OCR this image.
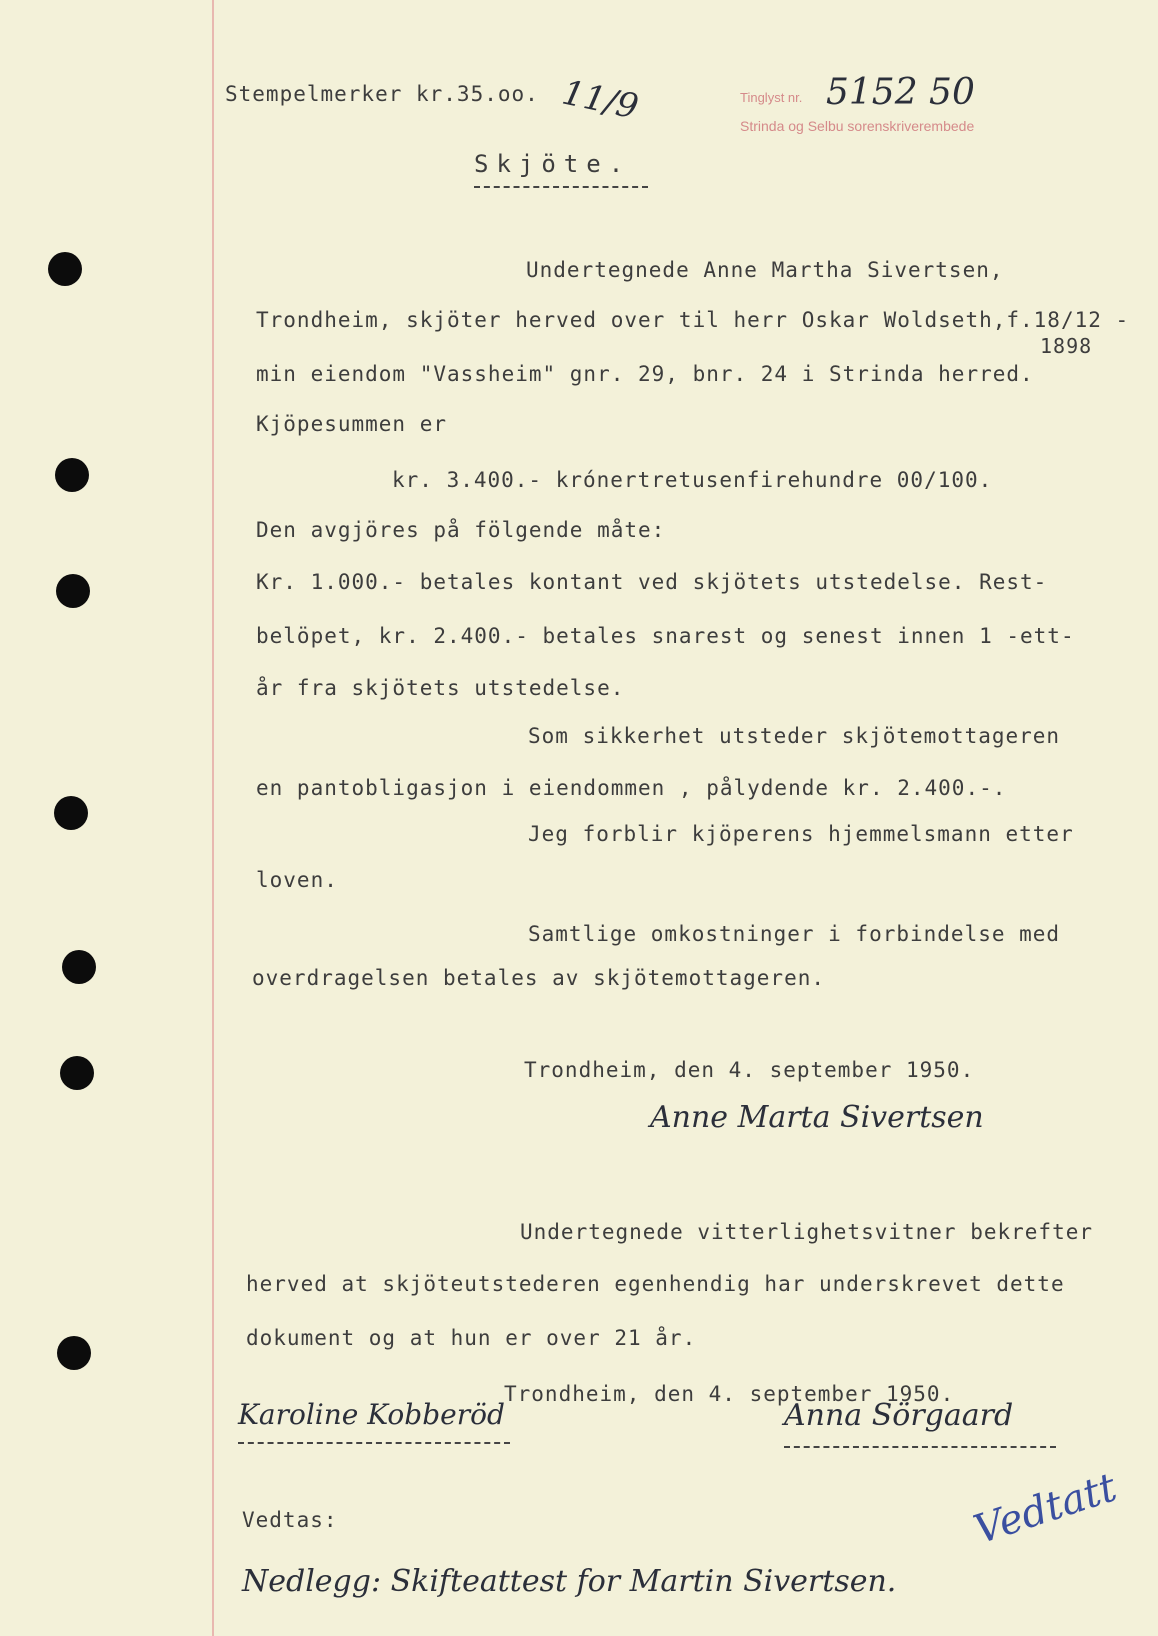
Stempelmerker kr.35.oo. 11/9	Tinglyst nr. 5152 50
Strinda og Selbu sorenskriverembede
Skjöte.
Undertegnede Anne Martha Sivertsen,
Trondheim, skjöter herved over til herr Oskar Woldseth,f.18/12 -
1898
min eiendom "Vassheim" gnr. 29, bnr. 24 i Strinda herred.
Kjöpesummen er
kr. 3.400.- krónertretusenfirehundre 00/100.
Den avgjöres på fölgende måte:
Kr. 1.000.- betales kontant ved skjötets utstedelse. Rest-
belöpet, kr. 2.400.- betales snarest og senest innen 1 -ett-
år fra skjötets utstedelse.
Som sikkerhet utsteder skjötemottageren
en pantobligasjon i eiendommen , pålydende kr. 2.400.-.
Jeg forblir kjöperens hjemmelsmann etter
loven.
Samtlige omkostninger i forbindelse med
overdragelsen betales av skjötemottageren.
Trondheim, den 4. september 1950.
Anne Marta Sivertsen
Undertegnede vitterlighetsvitner bekrefter
herved at skjöteutstederen egenhendig har underskrevet dette
dokument og at hun er over 21 år.
Trondheim, den 4. september 1950.
Karoline Kobberöd	Anna Sörgaard
Vedtatt
Vedtas:
Nedlegg: Skifteattest for Martin Sivertsen.
